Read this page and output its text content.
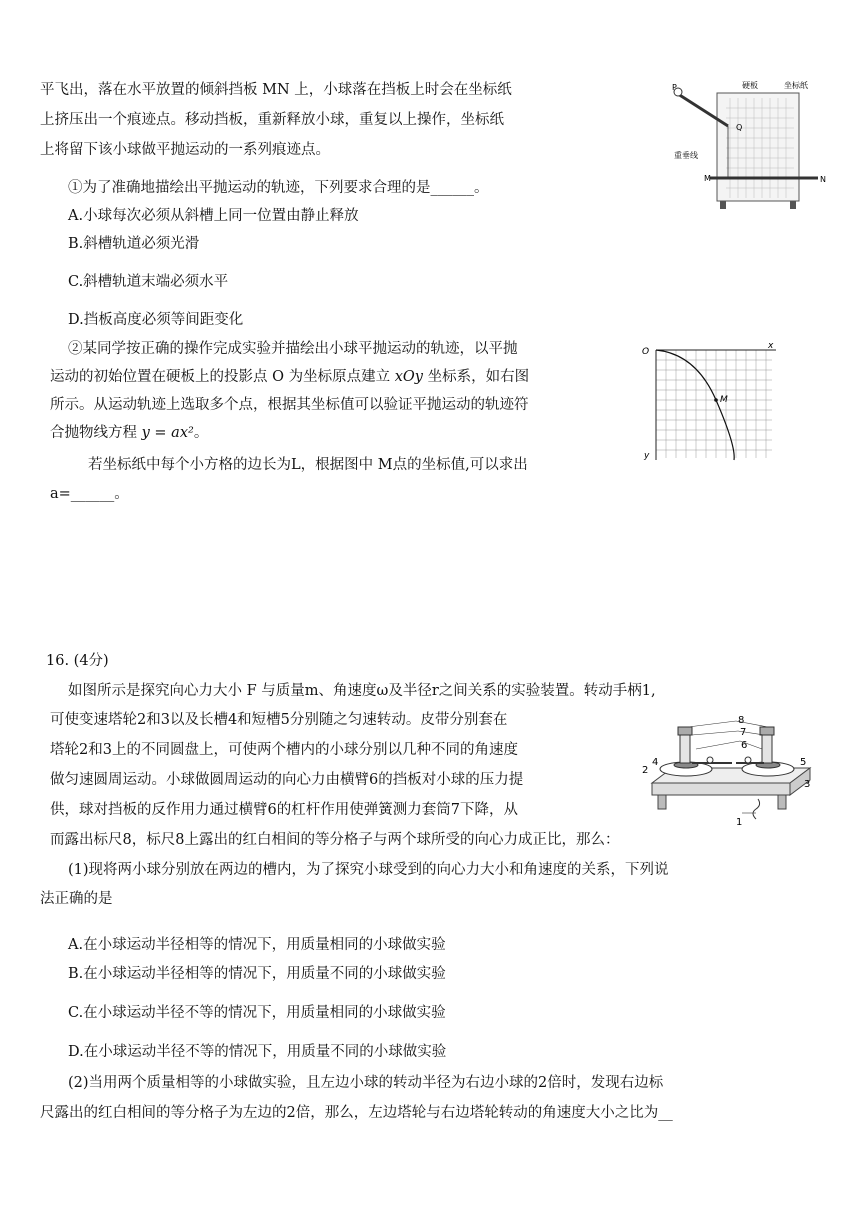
平飞出，落在水平放置的倾斜挡板 MN 上，小球落在挡板上时会在坐标纸
上挤压出一个痕迹点。移动挡板，重新释放小球，重复以上操作，坐标纸
上将留下该小球做平抛运动的一系列痕迹点。
①为了准确地描绘出平抛运动的轨迹，下列要求合理的是______。
A.小球每次必须从斜槽上同一位置由静止释放
B.斜槽轨道必须光滑
C.斜槽轨道末端必须水平
D.挡板高度必须等间距变化
②某同学按正确的操作完成实验并描绘出小球平抛运动的轨迹，以平抛
运动的初始位置在硬板上的投影点 O 为坐标原点建立 xOy 坐标系，如右图
所示。从运动轨迹上选取多个点，根据其坐标值可以验证平抛运动的轨迹符
合抛物线方程 y = ax²。
若坐标纸中每个小方格的边长为L，根据图中 M点的坐标值,可以求出
a=______。
P
Q
硬板	坐标纸
重垂线
M	N
O
x
y
M
16. (4分)
如图所示是探究向心力大小 F 与质量m、角速度ω及半径r之间关系的实验装置。转动手柄1,
可使变速塔轮2和3以及长槽4和短槽5分别随之匀速转动。皮带分别套在
塔轮2和3上的不同圆盘上，可使两个槽内的小球分别以几种不同的角速度
做匀速圆周运动。小球做圆周运动的向心力由横臂6的挡板对小球的压力提
供，球对挡板的反作用力通过横臂6的杠杆作用使弹簧测力套筒7下降，从
而露出标尺8，标尺8上露出的红白相间的等分格子与两个球所受的向心力成正比，那么：
(1)现将两小球分别放在两边的槽内，为了探究小球受到的向心力大小和角速度的关系，下列说
法正确的是
A.在小球运动半径相等的情况下，用质量相同的小球做实验
B.在小球运动半径相等的情况下，用质量不同的小球做实验
C.在小球运动半径不等的情况下，用质量相同的小球做实验
D.在小球运动半径不等的情况下，用质量不同的小球做实验
(2)当用两个质量相等的小球做实验，且左边小球的转动半径为右边小球的2倍时，发现右边标
尺露出的红白相间的等分格子为左边的2倍，那么，左边塔轮与右边塔轮转动的角速度大小之比为__
1
2
3
4	5
6
7
8
